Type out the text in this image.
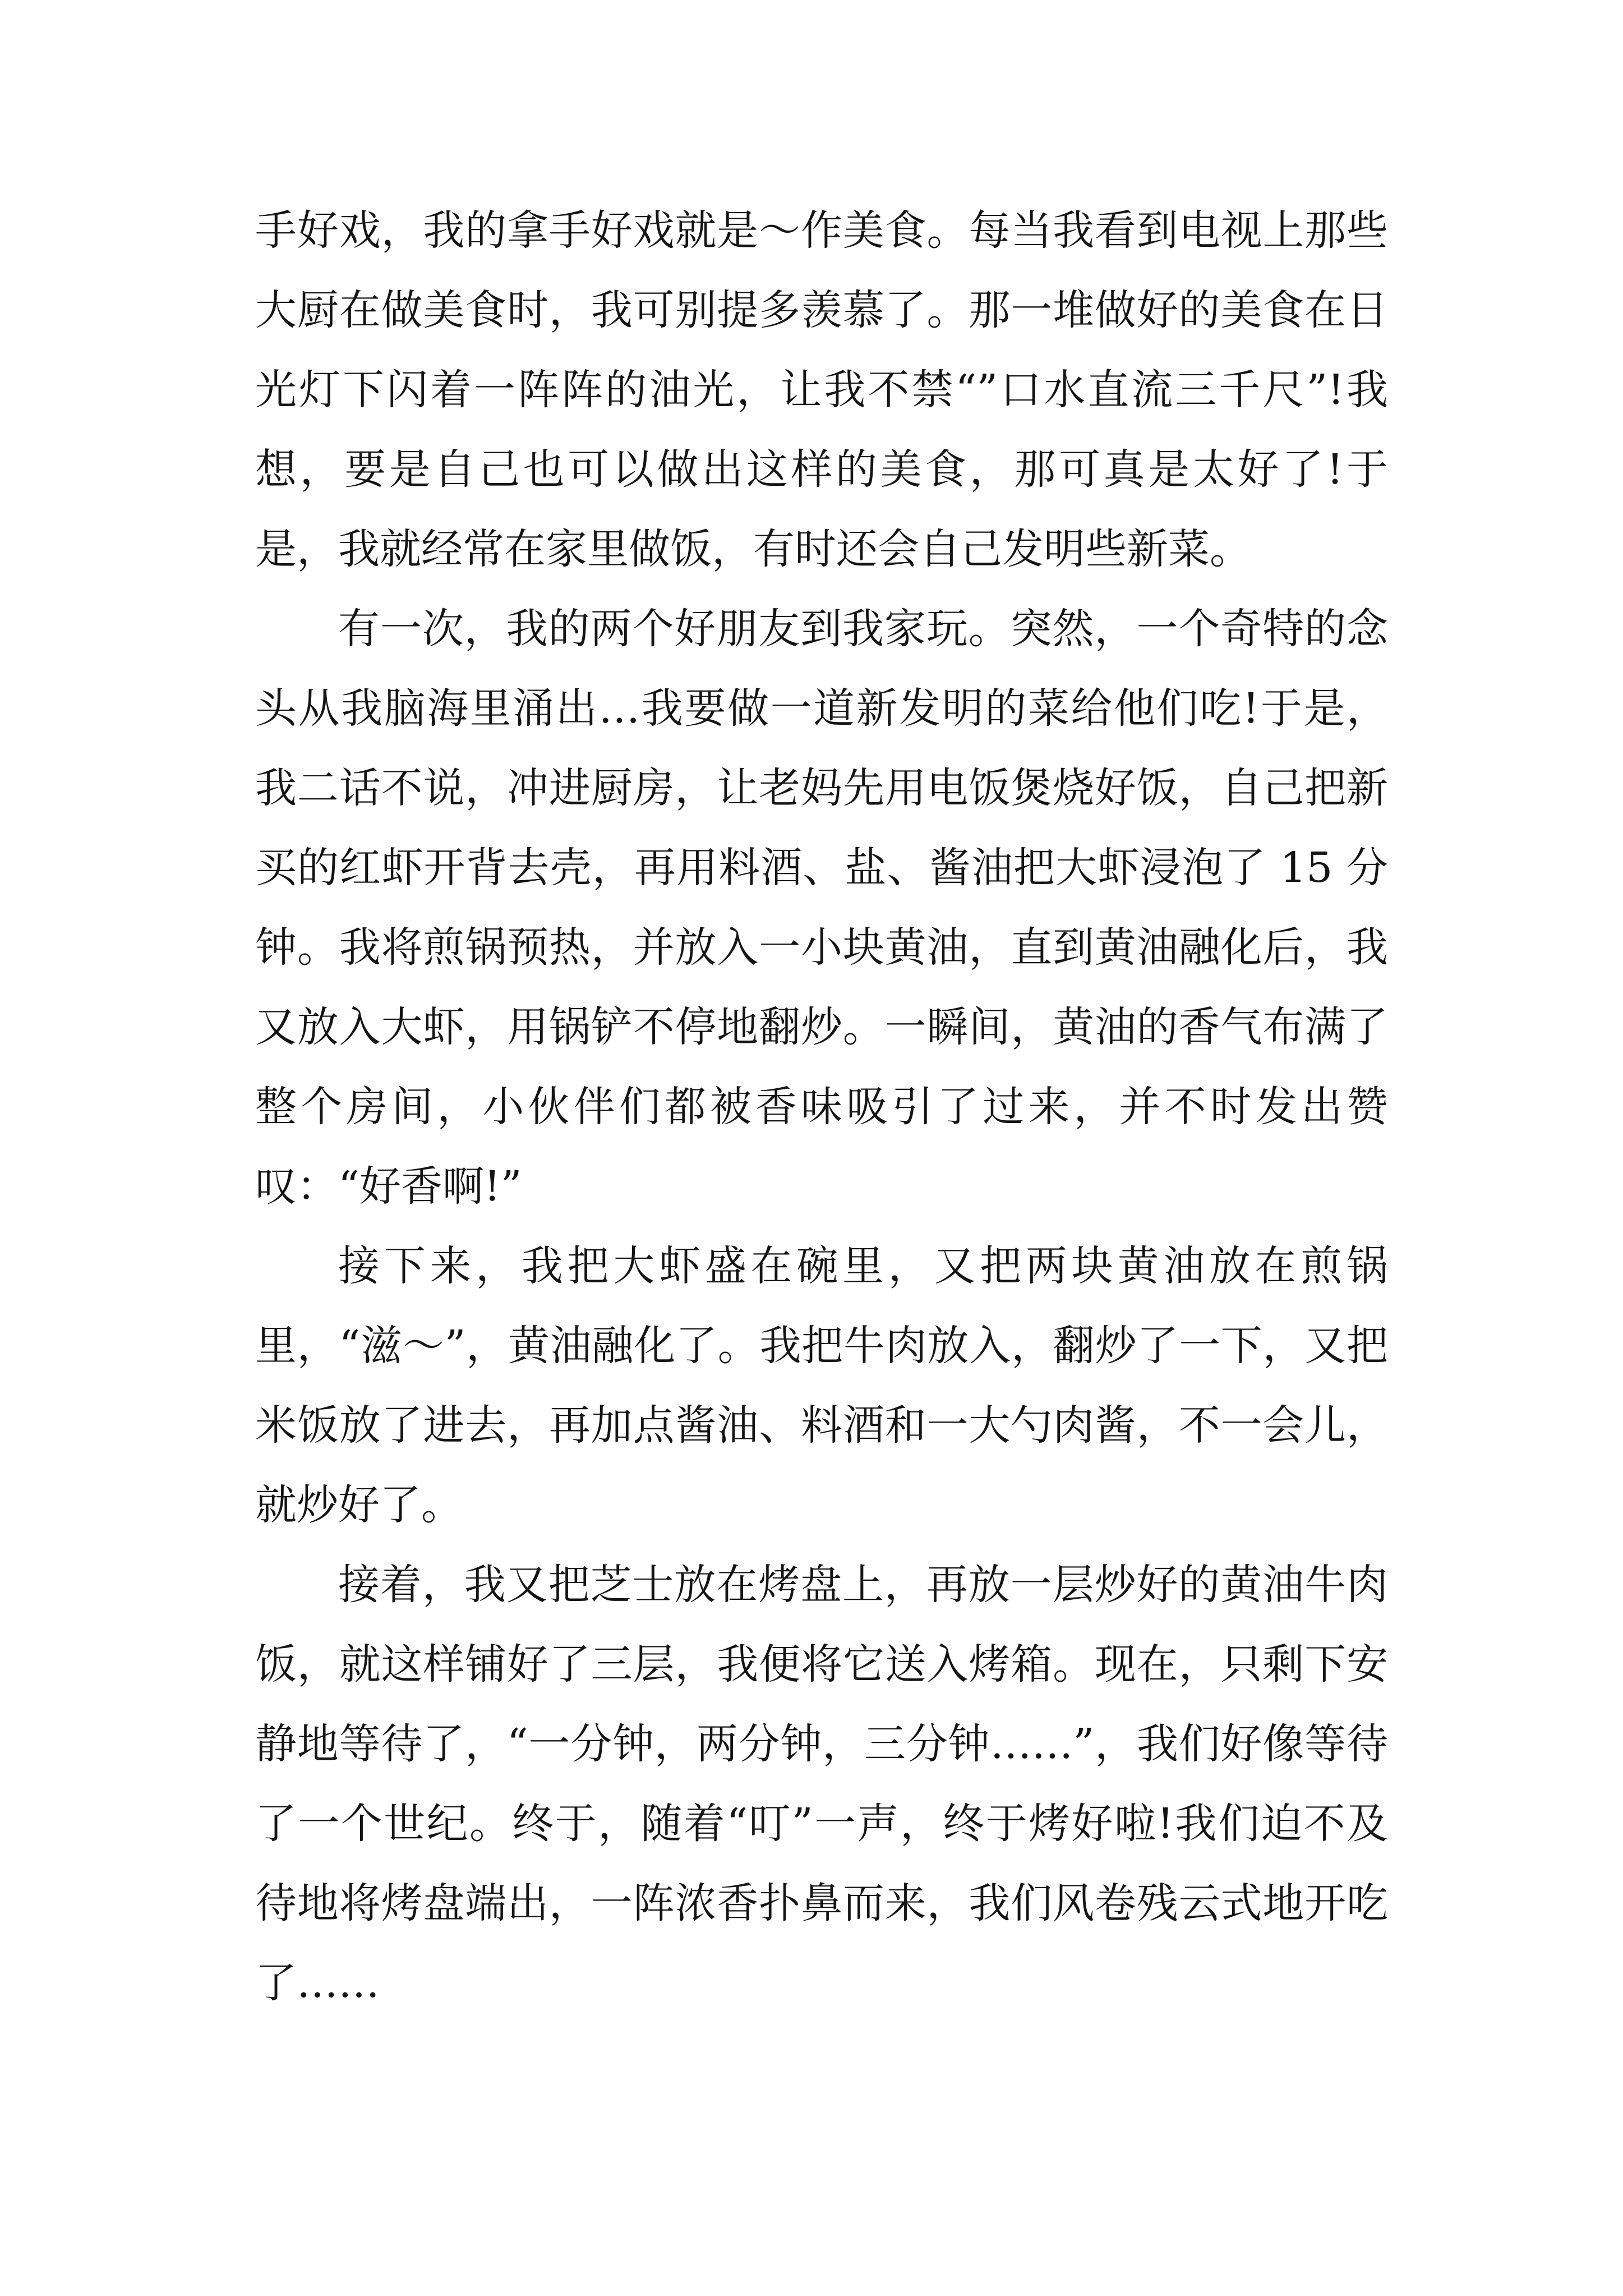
手好戏，我的拿手好戏就是～作美食。每当我看到电视上那些大厨在做美食时，我可别提多羡慕了。那一堆做好的美食在日光灯下闪着一阵阵的油光，让我不禁“”口水直流三千尺”!我想，要是自己也可以做出这样的美食，那可真是太好了!于是，我就经常在家里做饭，有时还会自己发明些新菜。

有一次，我的两个好朋友到我家玩。突然，一个奇特的念头从我脑海里涌出…我要做一道新发明的菜给他们吃!于是，我二话不说，冲进厨房，让老妈先用电饭煲烧好饭，自己把新买的红虾开背去壳，再用料酒、盐、酱油把大虾浸泡了 15 分钟。我将煎锅预热，并放入一小块黄油，直到黄油融化后，我又放入大虾，用锅铲不停地翻炒。一瞬间，黄油的香气布满了整个房间，小伙伴们都被香味吸引了过来，并不时发出赞叹：“好香啊!”

接下来，我把大虾盛在碗里，又把两块黄油放在煎锅里，“滋～”，黄油融化了。我把牛肉放入，翻炒了一下，又把米饭放了进去，再加点酱油、料酒和一大勺肉酱，不一会儿，就炒好了。

接着，我又把芝士放在烤盘上，再放一层炒好的黄油牛肉饭，就这样铺好了三层，我便将它送入烤箱。现在，只剩下安静地等待了，“一分钟，两分钟，三分钟……”，我们好像等待了一个世纪。终于，随着“叮”一声，终于烤好啦!我们迫不及待地将烤盘端出，一阵浓香扑鼻而来，我们风卷残云式地开吃了……
